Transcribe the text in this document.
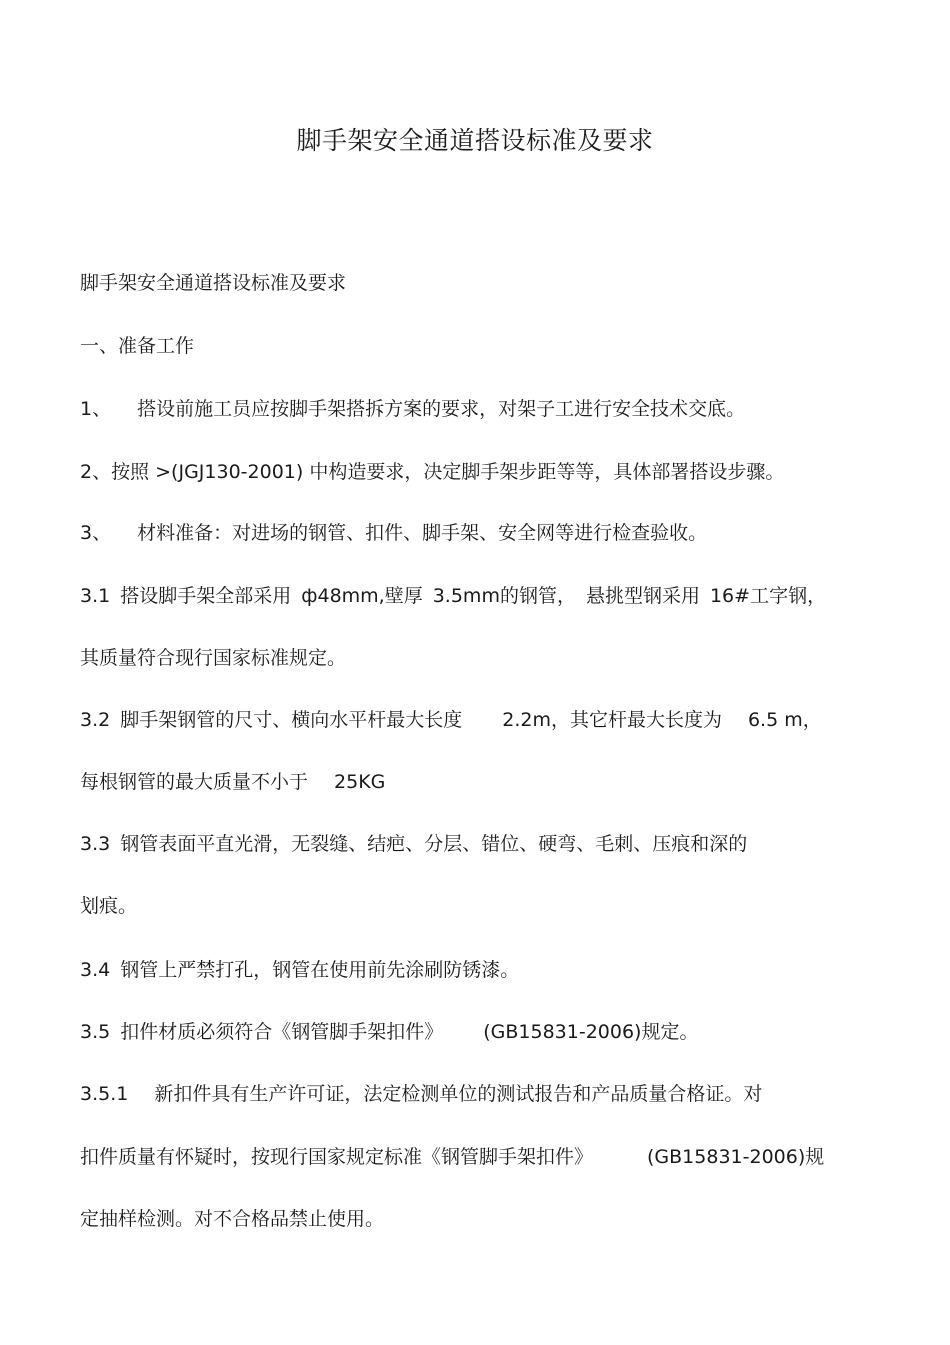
脚手架安全通道搭设标准及要求

脚手架安全通道搭设标准及要求

一、准备工作

1、 搭设前施工员应按脚手架搭拆方案的要求，对架子工进行安全技术交底。

2、按照 >(JGJ130-2001) 中构造要求，决定脚手架步距等等，具体部署搭设步骤。

3、 材料准备：对进场的钢管、扣件、脚手架、安全网等进行检查验收。

3.1 搭设脚手架全部采用 ф48mm,壁厚 3.5mm的钢管， 悬挑型钢采用 16#工字钢，

其质量符合现行国家标准规定。

3.2 脚手架钢管的尺寸、横向水平杆最大长度 2.2m，其它杆最大长度为 6.5 m，

每根钢管的最大质量不小于 25KG

3.3 钢管表面平直光滑，无裂缝、结疤、分层、错位、硬弯、毛刺、压痕和深的

划痕。

3.4 钢管上严禁打孔，钢管在使用前先涂刷防锈漆。

3.5 扣件材质必须符合《钢管脚手架扣件》 (GB15831-2006)规定。

3.5.1 新扣件具有生产许可证，法定检测单位的测试报告和产品质量合格证。对

扣件质量有怀疑时，按现行国家规定标准《钢管脚手架扣件》	(GB15831-2006)规

定抽样检测。对不合格品禁止使用。
